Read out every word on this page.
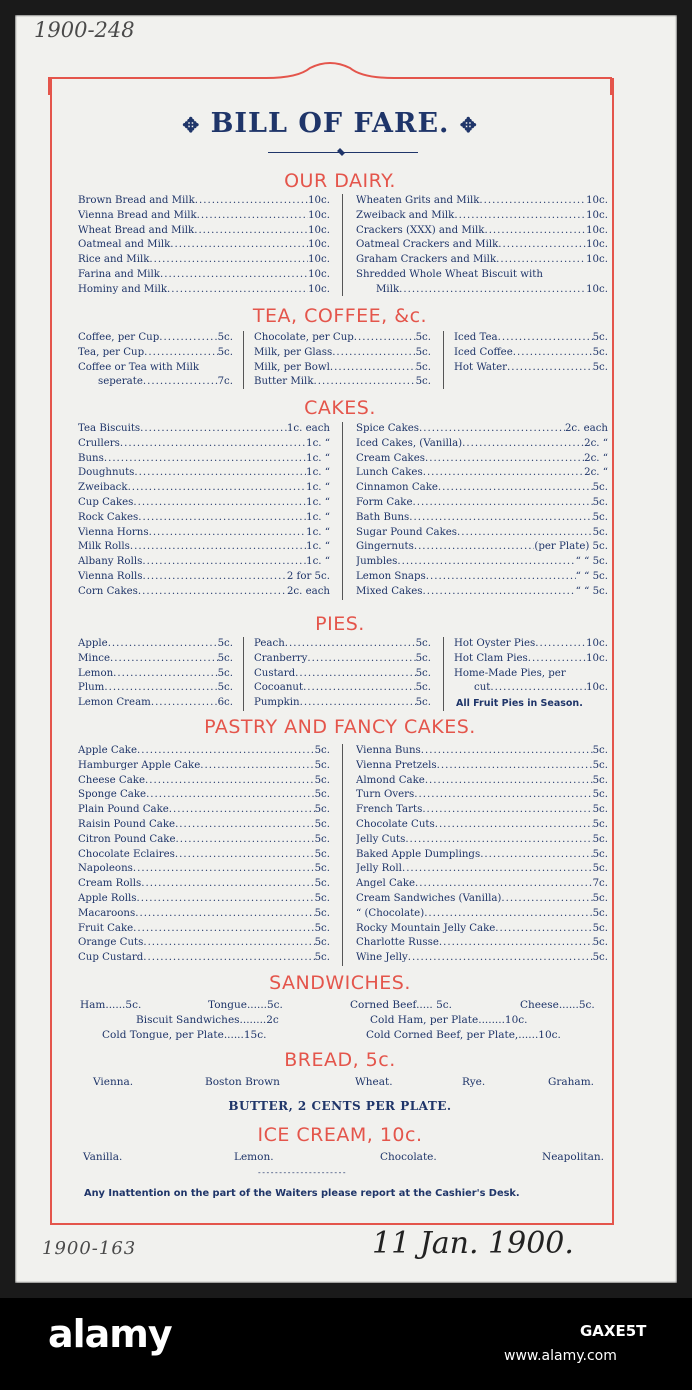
1900-248
1900-163	11 Jan. 1900.
✥ BILL OF FARE. ✥
OUR DAIRY.
Brown Bread and Milk .....	10c.
Vienna Bread and Milk .....	10c.
Wheat Bread and Milk .....	10c.
Oatmeal and Milk .....	10c.
Rice and Milk .....	10c.
Farina and Milk .....	10c.
Hominy and Milk .....	10c.
Wheaten Grits and Milk .....	10c.
Zweiback and Milk .....	10c.
Crackers (XXX) and Milk .....	10c.
Oatmeal Crackers and Milk .....	10c.
Graham Crackers and Milk .....	10c.
Shredded Whole Wheat Biscuit with
Milk .....	10c.
TEA, COFFEE, &c.
Coffee, per Cup .....	5c.
Tea, per Cup .....	5c.
Coffee or Tea with Milk
seperate .....	7c.
Chocolate, per Cup .....	5c.
Milk, per Glass .....	5c.
Milk, per Bowl .....	5c.
Butter Milk .....	5c.
Iced Tea .....	5c.
Iced Coffee .....	5c.
Hot Water .....	5c.
CAKES.
Tea Biscuits .....	1c. each
Crullers .....	1c. “
Buns .....	1c. “
Doughnuts .....	1c. “
Zweiback .....	1c. “
Cup Cakes .....	1c. “
Rock Cakes .....	1c. “
Vienna Horns .....	1c. “
Milk Rolls .....	1c. “
Albany Rolls .....	1c. “
Vienna Rolls .....	2 for 5c.
Corn Cakes .....	2c. each
Spice Cakes .....	2c. each
Iced Cakes, (Vanilla) .....	2c. “
Cream Cakes .....	2c. “
Lunch Cakes .....	2c. “
Cinnamon Cake .....	5c.
Form Cake .....	5c.
Bath Buns .....	5c.
Sugar Pound Cakes .....	5c.
Gingernuts .....	(per Plate) 5c.
Jumbles .....	“ “ 5c.
Lemon Snaps .....	“ “ 5c.
Mixed Cakes .....	“ “ 5c.
PIES.
Apple .....	5c.
Mince .....	5c.
Lemon .....	5c.
Plum .....	5c.
Lemon Cream .....	6c.
Peach .....	5c.
Cranberry .....	5c.
Custard .....	5c.
Cocoanut .....	5c.
Pumpkin .....	5c.
Hot Oyster Pies .....	10c.
Hot Clam Pies .....	10c.
Home-Made Pies, per
cut .....	10c.
All Fruit Pies in Season.
PASTRY AND FANCY CAKES.
Apple Cake .....	5c.
Hamburger Apple Cake .....	5c.
Cheese Cake .....	5c.
Sponge Cake .....	5c.
Plain Pound Cake .....	5c.
Raisin Pound Cake .....	5c.
Citron Pound Cake .....	5c.
Chocolate Eclaires .....	5c.
Napoleons .....	5c.
Cream Rolls .....	5c.
Apple Rolls .....	5c.
Macaroons .....	5c.
Fruit Cake .....	5c.
Orange Cuts .....	5c.
Cup Custard .....	5c.
Vienna Buns .....	5c.
Vienna Pretzels .....	5c.
Almond Cake .....	5c.
Turn Overs .....	5c.
French Tarts .....	5c.
Chocolate Cuts .....	5c.
Jelly Cuts .....	5c.
Baked Apple Dumplings .....	5c.
Jelly Roll .....	5c.
Angel Cake .....	7c.
Cream Sandwiches (Vanilla) .....	5c.
“ (Chocolate) .....	5c.
Rocky Mountain Jelly Cake .....	5c.
Charlotte Russe .....	5c.
Wine Jelly .....	5c.
SANDWICHES.
Ham......5c.	Tongue......5c.	Corned Beef..... 5c.	Cheese......5c.
Biscuit Sandwiches........2c	Cold Ham, per Plate........10c.
Cold Tongue, per Plate......15c.	Cold Corned Beef, per Plate,......10c.
BREAD, 5c.
Vienna.	Boston Brown	Wheat.	Rye.	Graham.
BUTTER, 2 CENTS PER PLATE.
ICE CREAM, 10c.
Vanilla.	Lemon.	Chocolate.	Neapolitan.
- - - - - - - - - - - - - - - - - - - - -
Any Inattention on the part of the Waiters please report at the Cashier's Desk.
alamy	GAXE5T
www.alamy.com
